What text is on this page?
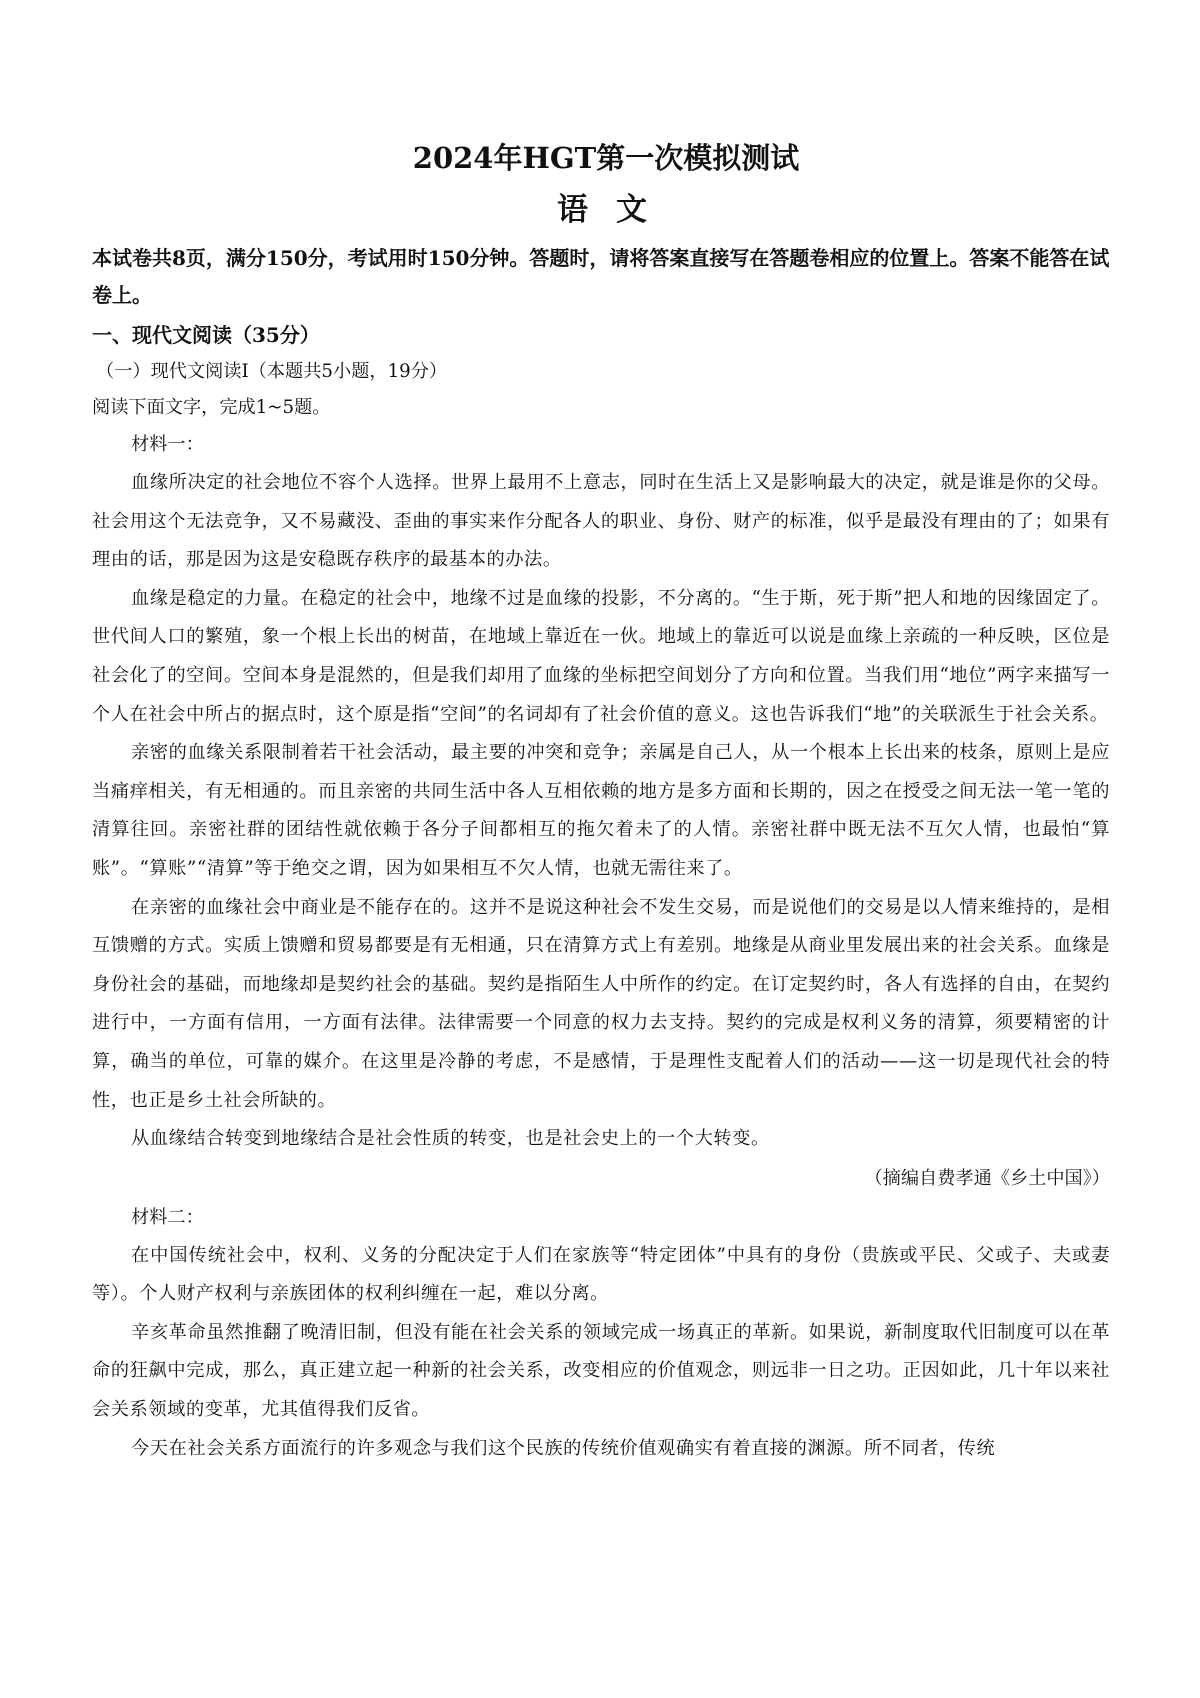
2024年HGT第一次模拟测试
语文

本试卷共8页，满分150分，考试用时150分钟。答题时，请将答案直接写在答题卷相应的位置上。答案不能答在试卷上。

一、现代文阅读（35分）
（一）现代文阅读Ⅰ（本题共5小题，19分）
阅读下面文字，完成1~5题。
材料一：

血缘所决定的社会地位不容个人选择。世界上最用不上意志，同时在生活上又是影响最大的决定，就是谁是你的父母。社会用这个无法竞争，又不易藏没、歪曲的事实来作分配各人的职业、身份、财产的标准，似乎是最没有理由的了；如果有理由的话，那是因为这是安稳既存秩序的最基本的办法。

血缘是稳定的力量。在稳定的社会中，地缘不过是血缘的投影，不分离的。“生于斯，死于斯”把人和地的因缘固定了。世代间人口的繁殖，象一个根上长出的树苗，在地域上靠近在一伙。地域上的靠近可以说是血缘上亲疏的一种反映，区位是社会化了的空间。空间本身是混然的，但是我们却用了血缘的坐标把空间划分了方向和位置。当我们用“地位”两字来描写一个人在社会中所占的据点时，这个原是指“空间”的名词却有了社会价值的意义。这也告诉我们“地”的关联派生于社会关系。

亲密的血缘关系限制着若干社会活动，最主要的冲突和竞争；亲属是自己人，从一个根本上长出来的枝条，原则上是应当痛痒相关，有无相通的。而且亲密的共同生活中各人互相依赖的地方是多方面和长期的，因之在授受之间无法一笔一笔的清算往回。亲密社群的团结性就依赖于各分子间都相互的拖欠着未了的人情。亲密社群中既无法不互欠人情，也最怕“算账”。“算账”“清算”等于绝交之谓，因为如果相互不欠人情，也就无需往来了。

在亲密的血缘社会中商业是不能存在的。这并不是说这种社会不发生交易，而是说他们的交易是以人情来维持的，是相互馈赠的方式。实质上馈赠和贸易都要是有无相通，只在清算方式上有差别。地缘是从商业里发展出来的社会关系。血缘是身份社会的基础，而地缘却是契约社会的基础。契约是指陌生人中所作的约定。在订定契约时，各人有选择的自由，在契约进行中，一方面有信用，一方面有法律。法律需要一个同意的权力去支持。契约的完成是权利义务的清算，须要精密的计算，确当的单位，可靠的媒介。在这里是冷静的考虑，不是感情，于是理性支配着人们的活动——这一切是现代社会的特性，也正是乡土社会所缺的。

从血缘结合转变到地缘结合是社会性质的转变，也是社会史上的一个大转变。

（摘编自费孝通《乡土中国》）

材料二：

在中国传统社会中，权利、义务的分配决定于人们在家族等“特定团体”中具有的身份（贵族或平民、父或子、夫或妻等）。个人财产权利与亲族团体的权利纠缠在一起，难以分离。

辛亥革命虽然推翻了晚清旧制，但没有能在社会关系的领域完成一场真正的革新。如果说，新制度取代旧制度可以在革命的狂飙中完成，那么，真正建立起一种新的社会关系，改变相应的价值观念，则远非一日之功。正因如此，几十年以来社会关系领域的变革，尤其值得我们反省。

今天在社会关系方面流行的许多观念与我们这个民族的传统价值观确实有着直接的渊源。所不同者，传统
